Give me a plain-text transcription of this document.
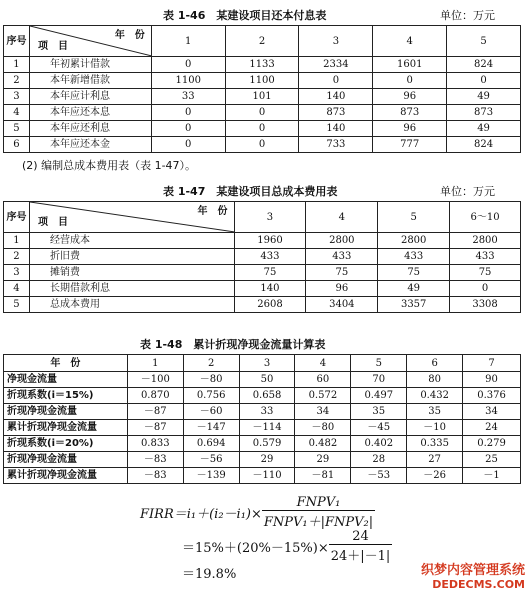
表 1-46　某建设项目还本付息表	单位：万元
序号	年　份
项　目	1	2	3	4	5
1	年初累计借款	0	1133	2334	1601	824
2	本年新增借款	1100	1100	0	0	0
3	本年应计利息	33	101	140	96	49
4	本年应还本息	0	0	873	873	873
5	本年应还利息	0	0	140	96	49
6	本年应还本金	0	0	733	777	824
(2) 编制总成本费用表（表 1-47）。
表 1-47　某建设项目总成本费用表	单位：万元
序号	年　份
项　目	3	4	5	6～10
1	经营成本	1960	2800	2800	2800
2	折旧费	433	433	433	433
3	摊销费	75	75	75	75
4	长期借款利息	140	96	49	0
5	总成本费用	2608	3404	3357	3308
表 1-48　累计折现净现金流量计算表
年　份	1	2	3	4	5	6	7
净现金流量	－100	－80	50	60	70	80	90
折现系数(i＝15%)	0.870	0.756	0.658	0.572	0.497	0.432	0.376
折现净现金流量	－87	－60	33	34	35	35	34
累计折现净现金流量	－87	－147	－114	－80	－45	－10	24
折现系数(i＝20%)	0.833	0.694	0.579	0.482	0.402	0.335	0.279
折现净现金流量	－83	－56	29	29	28	27	25
累计折现净现金流量	－83	－139	－110	－81	－53	－26	－1
FIRR＝i₁＋(i₂－i₁)× $\frac{\text{FNPV₁}}{\text{FNPV₁＋|FNPV₂|}}$
$=15\%+(20\%-15\%)\times \frac{24}{24+|-1|}$
＝19.8%	织梦内容管理系统
DEDECMS.COM
